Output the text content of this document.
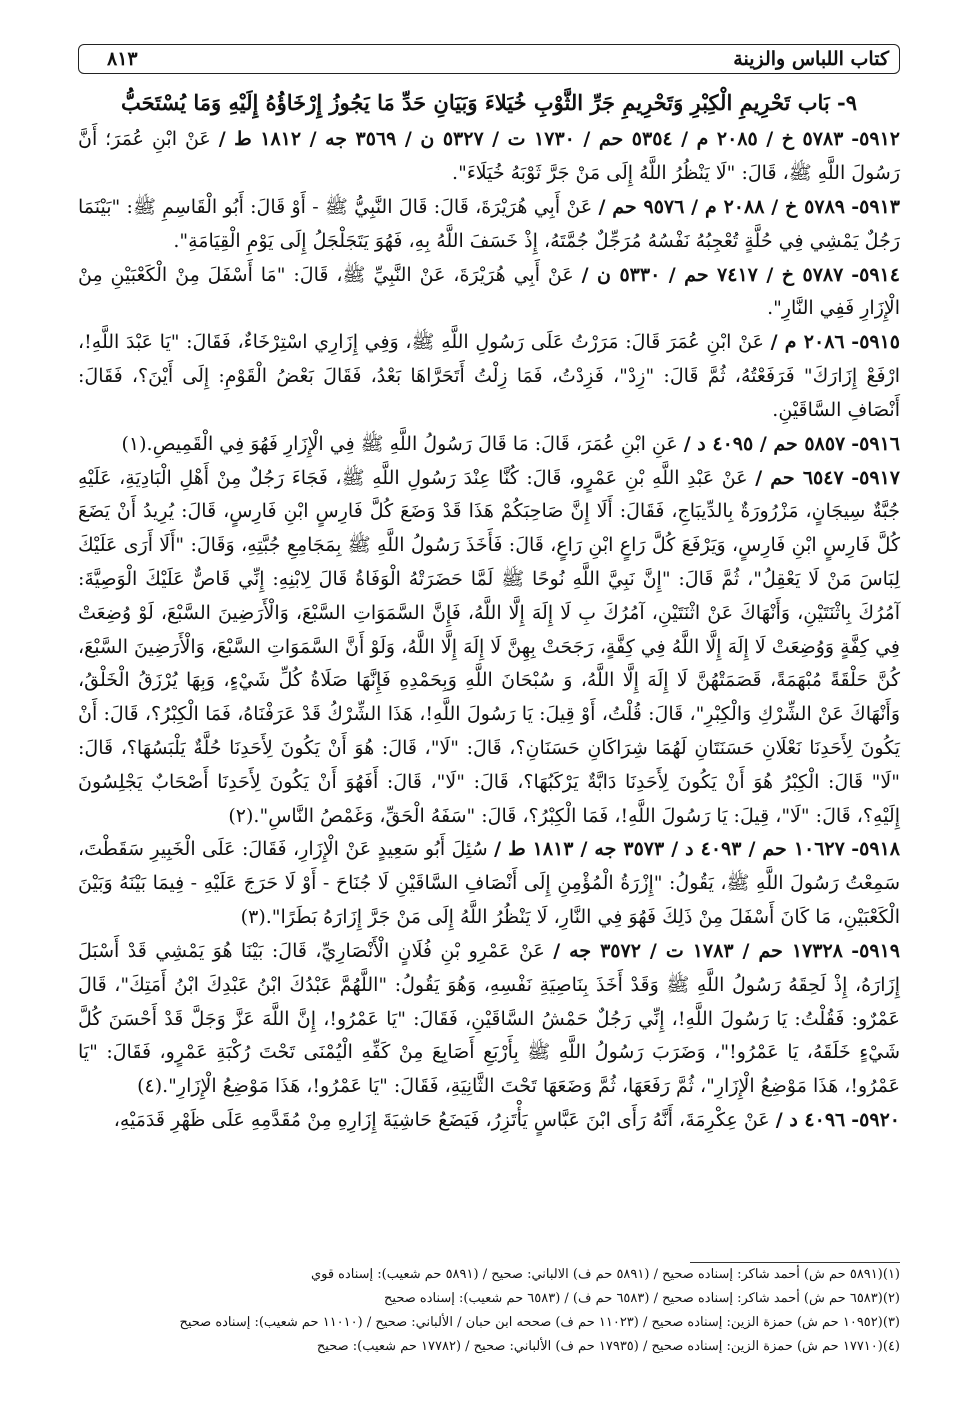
كتاب اللباس والزينة
٨١٣
٩- بَاب تَحْرِيمِ الْكِبْرِ وَتَحْرِيمِ جَرِّ الثَّوْبِ خُيَلاءَ وَبَيَانِ حَدِّ مَا يَجُوزُ إِرْخَاؤُهُ إِلَيْهِ وَمَا يُسْتَحَبُّ

٥٩١٢- ٥٧٨٣ خ / ٢٠٨٥ م / ٥٣٥٤ حم / ١٧٣٠ ت / ٥٣٢٧ ن / ٣٥٦٩ جه / ١٨١٢ ط / عَنْ ابْنِ عُمَرَ؛ أَنَّ رَسُولَ اللَّهِ ﷺ، قَالَ: "لَا يَنْظُرُ اللَّهُ إِلَى مَنْ جَرَّ ثَوْبَهُ خُيَلَاءَ".

٥٩١٣- ٥٧٨٩ خ / ٢٠٨٨ م / ٩٥٧٦ حم / عَنْ أَبِي هُرَيْرَةَ، قَالَ: قَالَ النَّبِيُّ ﷺ - أَوْ قَالَ: أَبُو الْقَاسِمِ ﷺ: "بَيْنَمَا رَجُلٌ يَمْشِي فِي حُلَّةٍ تُعْجِبُهُ نَفْسُهُ مُرَجِّلٌ جُمَّتَهُ، إِذْ خَسَفَ اللَّهُ بِهِ، فَهُوَ يَتَجَلْجَلُ إِلَى يَوْمِ الْقِيَامَةِ".

٥٩١٤- ٥٧٨٧ خ / ٧٤١٧ حم / ٥٣٣٠ ن / عَنْ أَبِي هُرَيْرَةَ، عَنْ النَّبِيِّ ﷺ، قَالَ: "مَا أَسْفَلَ مِنْ الْكَعْبَيْنِ مِنْ الْإِزَارِ فَفِي النَّارِ".

٥٩١٥- ٢٠٨٦ م / عَنْ ابْنِ عُمَرَ قَالَ: مَرَرْتُ عَلَى رَسُولِ اللَّهِ ﷺ، وَفِي إِزَارِي اسْتِرْخَاءٌ، فَقَالَ: "يَا عَبْدَ اللَّهِ!، ارْفَعْ إِزَارَكَ" فَرَفَعْتُهُ، ثُمَّ قَالَ: "زِدْ"، فَزِدْتُ، فَمَا زِلْتُ أَتَحَرَّاهَا بَعْدُ، فَقَالَ بَعْضُ الْقَوْمِ: إِلَى أَيْنَ؟، فَقَالَ: أَنْصَافِ السَّاقَيْنِ.

٥٩١٦- ٥٨٥٧ حم / ٤٠٩٥ د / عَنِ ابْنِ عُمَرَ، قَالَ: مَا قَالَ رَسُولُ اللَّهِ ﷺ فِي الْإِزَارِ فَهُوَ فِي الْقَمِيصِ.(١)

٥٩١٧- ٦٥٤٧ حم / عَنْ عَبْدِ اللَّهِ بْنِ عَمْرٍو، قَالَ: كُنَّا عِنْدَ رَسُولِ اللَّهِ ﷺ، فَجَاءَ رَجُلٌ مِنْ أَهْلِ الْبَادِيَةِ، عَلَيْهِ جُبَّةٌ سِيجَانٍ، مَزْرُورَةٌ بِالدِّيبَاجِ، فَقَالَ: أَلَا إِنَّ صَاحِبَكُمْ هَذَا قَدْ وَضَعَ كُلَّ فَارِسٍ ابْنِ فَارِسٍ، قَالَ: يُرِيدُ أَنْ يَضَعَ كُلَّ فَارِسٍ ابْنِ فَارِسٍ، وَيَرْفَعَ كُلَّ رَاعٍ ابْنِ رَاعٍ، قَالَ: فَأَخَذَ رَسُولُ اللَّهِ ﷺ بِمَجَامِعِ جُبَّتِهِ، وَقَالَ: "أَلَا أَرَى عَلَيْكَ لِبَاسَ مَنْ لَا يَعْقِلُ"، ثُمَّ قَالَ: "إِنَّ نَبِيَّ اللَّهِ نُوحًا ﷺ لَمَّا حَضَرَتْهُ الْوَفَاةُ قَالَ لِابْنِهِ: إِنِّي قَاصٌّ عَلَيْكَ الْوَصِيَّةَ: آمُرُكَ بِاثْنَتَيْنِ، وَأَنْهَاكَ عَنْ اثْنَتَيْنِ، آمُرُكَ بِ لَا إِلَهَ إِلَّا اللَّهُ، فَإِنَّ السَّمَوَاتِ السَّبْعَ، وَالْأَرَضِينَ السَّبْعَ، لَوْ وُضِعَتْ فِي كِفَّةٍ وَوُضِعَتْ لَا إِلَهَ إِلَّا اللَّهُ فِي كِفَّةٍ، رَجَحَتْ بِهِنَّ لَا إِلَهَ إِلَّا اللَّهُ، وَلَوْ أَنَّ السَّمَوَاتِ السَّبْعَ، وَالْأَرَضِينَ السَّبْعَ، كُنَّ حَلْقَةً مُبْهَمَةً، قَصَمَتْهُنَّ لَا إِلَهَ إِلَّا اللَّهُ، وَ سُبْحَانَ اللَّهِ وَبِحَمْدِهِ فَإِنَّهَا صَلَاةُ كُلِّ شَيْءٍ، وَبِهَا يُرْزَقُ الْخَلْقُ، وَأَنْهَاكَ عَنْ الشِّرْكِ وَالْكِبْرِ"، قَالَ: قُلْتُ، أَوْ قِيلَ: يَا رَسُولَ اللَّهِ!، هَذَا الشِّرْكُ قَدْ عَرَفْنَاهُ، فَمَا الْكِبْرُ؟، قَالَ: أَنْ يَكُونَ لِأَحَدِنَا نَعْلَانِ حَسَنَتَانِ لَهُمَا شِرَاكَانِ حَسَنَانِ؟، قَالَ: "لَا"، قَالَ: هُوَ أَنْ يَكُونَ لِأَحَدِنَا حُلَّةٌ يَلْبَسُهَا؟، قَالَ: "لَا" قَالَ: الْكِبْرُ هُوَ أَنْ يَكُونَ لِأَحَدِنَا دَابَّةٌ يَرْكَبُهَا؟، قَالَ: "لَا"، قَالَ: أَفَهُوَ أَنْ يَكُونَ لِأَحَدِنَا أَصْحَابٌ يَجْلِسُونَ إِلَيْهِ؟، قَالَ: "لَا"، قِيلَ: يَا رَسُولَ اللَّهِ!، فَمَا الْكِبْرُ؟، قَالَ: "سَفَهُ الْحَقِّ، وَغَمْصُ النَّاسِ".(٢)

٥٩١٨- ١٠٦٢٧ حم / ٤٠٩٣ د / ٣٥٧٣ جه / ١٨١٣ ط / سُئِلَ أَبُو سَعِيدٍ عَنْ الْإِزَارِ، فَقَالَ: عَلَى الْخَبِيرِ سَقَطْتَ، سَمِعْتُ رَسُولَ اللَّهِ ﷺ، يَقُولُ: "إِزْرَةُ الْمُؤْمِنِ إِلَى أَنْصَافِ السَّاقَيْنِ لَا جُنَاحَ - أَوْ لَا حَرَجَ عَلَيْهِ - فِيمَا بَيْنَهُ وَبَيْنَ الْكَعْبَيْنِ، مَا كَانَ أَسْفَلَ مِنْ ذَلِكَ فَهُوَ فِي النَّارِ، لَا يَنْظُرُ اللَّهُ إِلَى مَنْ جَرَّ إِزَارَهُ بَطَرًا".(٣)

٥٩١٩- ١٧٣٢٨ حم / ١٧٨٣ ت / ٣٥٧٢ جه / عَنْ عَمْرِو بْنِ فُلَانٍ الْأَنْصَارِيِّ، قَالَ: بَيْنَا هُوَ يَمْشِي قَدْ أَسْبَلَ إِزَارَهُ، إِذْ لَحِقَهُ رَسُولُ اللَّهِ ﷺ وَقَدْ أَخَذَ بِنَاصِيَةِ نَفْسِهِ، وَهُوَ يَقُولُ: "اللَّهُمَّ عَبْدُكَ ابْنُ عَبْدِكَ ابْنُ أَمَتِكَ"، قَالَ عَمْرٌو: فَقُلْتُ: يَا رَسُولَ اللَّهِ!، إِنِّي رَجُلٌ حَمْشُ السَّاقَيْنِ، فَقَالَ: "يَا عَمْرُو!، إِنَّ اللَّهَ عَزَّ وَجَلَّ قَدْ أَحْسَنَ كُلَّ شَيْءٍ خَلَقَهُ، يَا عَمْرُو!"، وَضَرَبَ رَسُولُ اللَّهِ ﷺ بِأَرْبَعِ أَصَابِعَ مِنْ كَفِّهِ الْيُمْنَى تَحْتَ رُكْبَةِ عَمْرٍو، فَقَالَ: "يَا عَمْرُو!، هَذَا مَوْضِعُ الْإِزَارِ"، ثُمَّ رَفَعَهَا، ثُمَّ وَضَعَهَا تَحْتَ الثَّانِيَةِ، فَقَالَ: "يَا عَمْرُو!، هَذَا مَوْضِعُ الْإِزَارِ".(٤)

٥٩٢٠- ٤٠٩٦ د / عَنْ عِكْرِمَةَ، أَنَّهُ رَأَى ابْنَ عَبَّاسٍ يَأْتَزِرُ، فَيَضَعُ حَاشِيَةَ إِزَارِهِ مِنْ مُقَدَّمِهِ عَلَى ظَهْرِ قَدَمَيْهِ،

(١)(٥٨٩١ حم ش) أحمد شاكر: إسناده صحيح / (٥٨٩١ حم ف) الالباني: صحيح / (٥٨٩١ حم شعيب): إسناده قوي

(٢)(٦٥٨٣ حم ش) أحمد شاكر: إسناده صحيح / (٦٥٨٣ حم ف) / (٦٥٨٣ حم شعيب): إسناده صحيح

(٣)(١٠٩٥٢ حم ش) حمزة الزين: إسناده صحيح / (١١٠٢٣ حم ف) صححه ابن حبان / الألباني: صحيح / (١١٠١٠ حم شعيب): إسناده صحيح

(٤)(١٧٧١٠ حم ش) حمزة الزين: إسناده صحيح / (١٧٩٣٥ حم ف) الألباني: صحيح / (١٧٧٨٢ حم شعيب): صحيح
